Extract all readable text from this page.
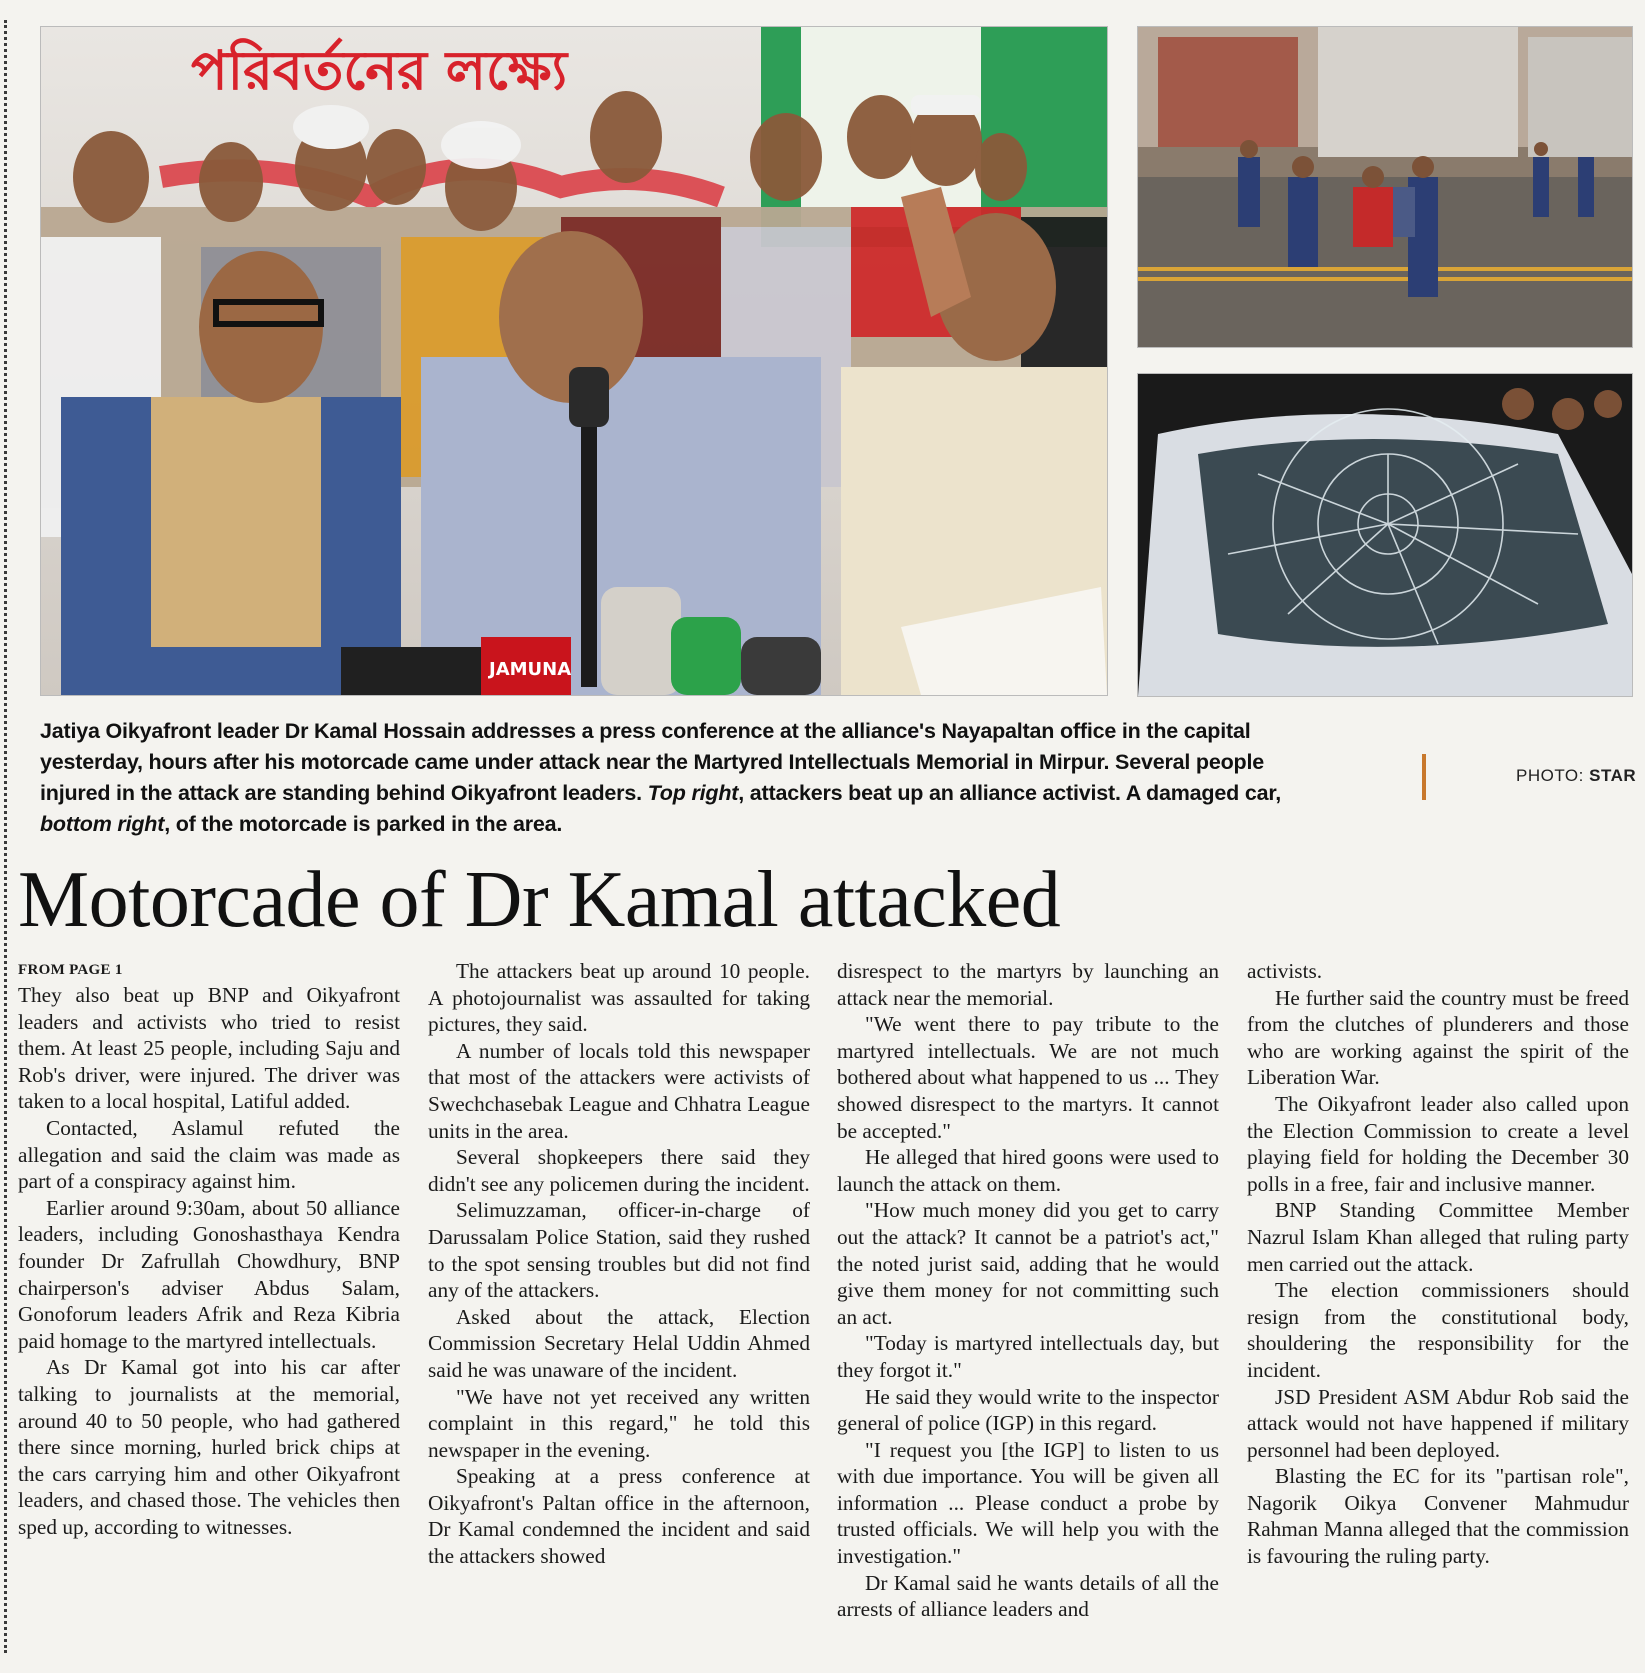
পরিবর্তনের লক্ষ্যে
JAMUNA
Jatiya Oikyafront leader Dr Kamal Hossain addresses a press conference at the alliance's Nayapaltan office in the capital yesterday, hours after his motorcade came under attack near the Martyred Intellectuals Memorial in Mirpur. Several people injured in the attack are standing behind Oikyafront leaders. Top right, attackers beat up an alliance activist. A damaged car, bottom right, of the motorcade is parked in the area.
PHOTO: STAR
Motorcade of Dr Kamal attacked
FROM PAGE 1

They also beat up BNP and Oikyafront leaders and activists who tried to resist them. At least 25 people, including Saju and Rob's driver, were injured. The driver was taken to a local hospital, Latiful added.

Contacted, Aslamul refuted the allegation and said the claim was made as part of a conspiracy against him.

Earlier around 9:30am, about 50 alliance leaders, including Gonoshasthaya Kendra founder Dr Zafrullah Chowdhury, BNP chairperson's adviser Abdus Salam, Gonoforum leaders Afrik and Reza Kibria paid homage to the martyred intellectuals.

As Dr Kamal got into his car after talking to journalists at the memorial, around 40 to 50 people, who had gathered there since morning, hurled brick chips at the cars carrying him and other Oikyafront leaders, and chased those. The vehicles then sped up, according to witnesses.

The attackers beat up around 10 people. A photojournalist was assaulted for taking pictures, they said.

A number of locals told this newspaper that most of the attackers were activists of Swechchasebak League and Chhatra League units in the area.

Several shopkeepers there said they didn't see any policemen during the incident.

Selimuzzaman, officer-in-charge of Darussalam Police Station, said they rushed to the spot sensing troubles but did not find any of the attackers.

Asked about the attack, Election Commission Secretary Helal Uddin Ahmed said he was unaware of the incident.

"We have not yet received any written complaint in this regard," he told this newspaper in the evening.

Speaking at a press conference at Oikyafront's Paltan office in the afternoon, Dr Kamal condemned the incident and said the attackers showed

disrespect to the martyrs by launching an attack near the memorial.

"We went there to pay tribute to the martyred intellectuals. We are not much bothered about what happened to us ... They showed disrespect to the martyrs. It cannot be accepted."

He alleged that hired goons were used to launch the attack on them.

"How much money did you get to carry out the attack? It cannot be a patriot's act," the noted jurist said, adding that he would give them money for not committing such an act.

"Today is martyred intellectuals day, but they forgot it."

He said they would write to the inspector general of police (IGP) in this regard.

"I request you [the IGP] to listen to us with due importance. You will be given all information ... Please conduct a probe by trusted officials. We will help you with the investigation."

Dr Kamal said he wants details of all the arrests of alliance leaders and

activists.

He further said the country must be freed from the clutches of plunderers and those who are working against the spirit of the Liberation War.

The Oikyafront leader also called upon the Election Commission to create a level playing field for holding the December 30 polls in a free, fair and inclusive manner.

BNP Standing Committee Member Nazrul Islam Khan alleged that ruling party men carried out the attack.

The election commissioners should resign from the constitutional body, shouldering the responsibility for the incident.

JSD President ASM Abdur Rob said the attack would not have happened if military personnel had been deployed.

Blasting the EC for its "partisan role", Nagorik Oikya Convener Mahmudur Rahman Manna alleged that the commission is favouring the ruling party.
